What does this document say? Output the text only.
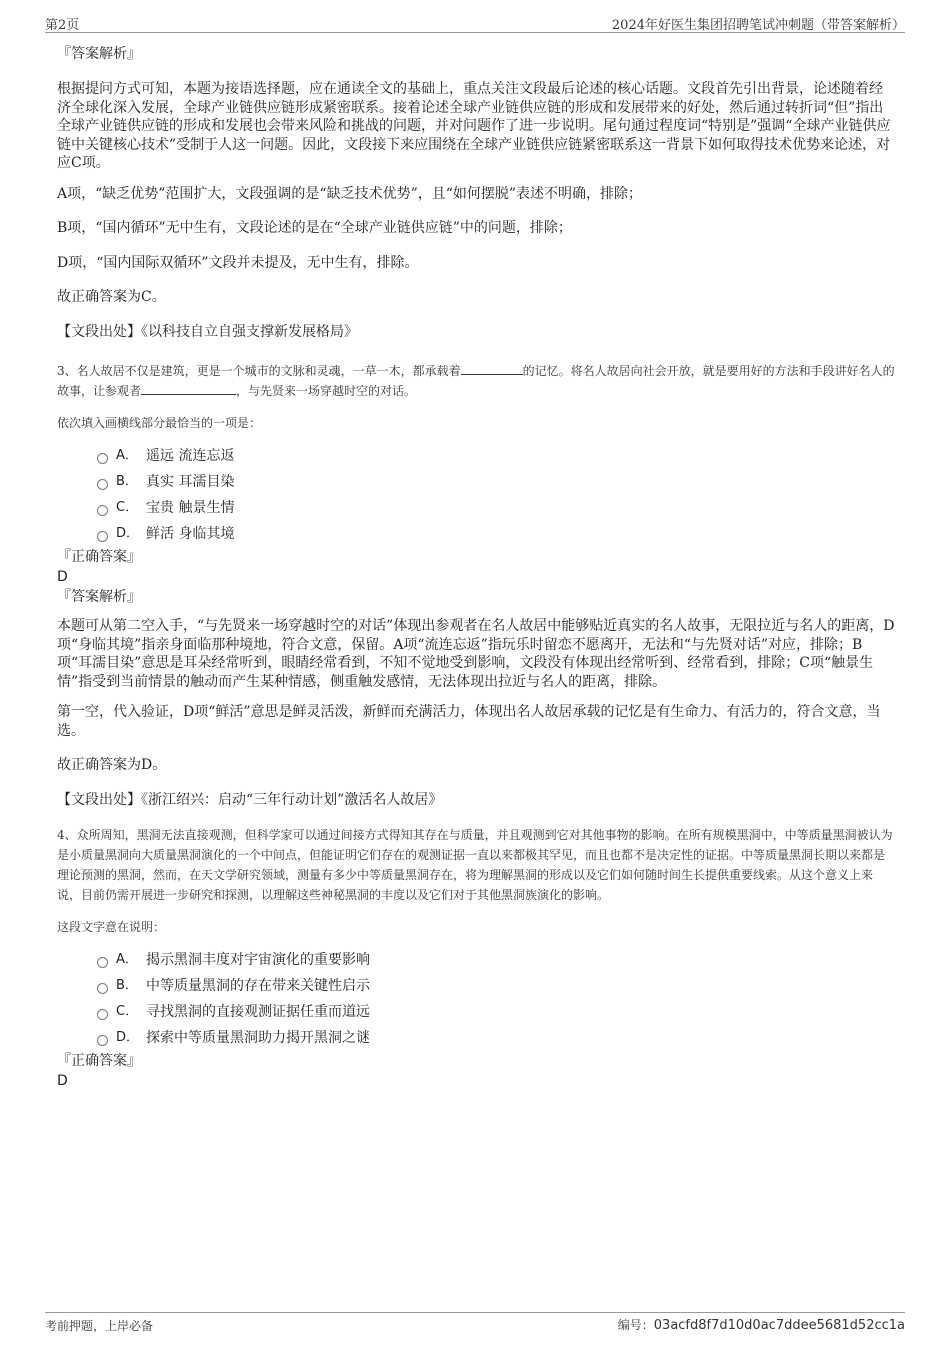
第2页	2024年好医生集团招聘笔试冲刺题（带答案解析）

『答案解析』

根据提问方式可知，本题为接语选择题，应在通读全文的基础上，重点关注文段最后论述的核心话题。文段首先引出背景，论述随着经济全球化深入发展，全球产业链供应链形成紧密联系。接着论述全球产业链供应链的形成和发展带来的好处，然后通过转折词“但”指出全球产业链供应链的形成和发展也会带来风险和挑战的问题，并对问题作了进一步说明。尾句通过程度词“特别是”强调“全球产业链供应链中关键核心技术”受制于人这一问题。因此，文段接下来应围绕在全球产业链供应链紧密联系这一背景下如何取得技术优势来论述，对应C项。

A项，“缺乏优势”范围扩大，文段强调的是“缺乏技术优势”，且“如何摆脱”表述不明确，排除；

B项，“国内循环”无中生有，文段论述的是在“全球产业链供应链”中的问题，排除；

D项，“国内国际双循环”文段并未提及，无中生有，排除。

故正确答案为C。

【文段出处】《以科技自立自强支撑新发展格局》

3、名人故居不仅是建筑，更是一个城市的文脉和灵魂，一草一木，都承载着	的记忆。将名人故居向社会开放，就是要用好的方法和手段讲好名人的故事，让参观者	，与先贤来一场穿越时空的对话。

依次填入画横线部分最恰当的一项是：

A． 遥远 流连忘返
B． 真实 耳濡目染
C． 宝贵 触景生情
D． 鲜活 身临其境

『正确答案』

D

『答案解析』

本题可从第二空入手，“与先贤来一场穿越时空的对话”体现出参观者在名人故居中能够贴近真实的名人故事，无限拉近与名人的距离，D项“身临其境”指亲身面临那种境地，符合文意，保留。A项“流连忘返”指玩乐时留恋不愿离开，无法和“与先贤对话”对应，排除；B项“耳濡目染”意思是耳朵经常听到，眼睛经常看到，不知不觉地受到影响，文段没有体现出经常听到、经常看到，排除；C项“触景生情”指受到当前情景的触动而产生某种情感，侧重触发感情，无法体现出拉近与名人的距离，排除。

第一空，代入验证，D项“鲜活”意思是鲜灵活泼，新鲜而充满活力，体现出名人故居承载的记忆是有生命力、有活力的，符合文意，当选。

故正确答案为D。

【文段出处】《浙江绍兴：启动“三年行动计划”激活名人故居》

4、众所周知，黑洞无法直接观测，但科学家可以通过间接方式得知其存在与质量，并且观测到它对其他事物的影响。在所有规模黑洞中，中等质量黑洞被认为是小质量黑洞向大质量黑洞演化的一个中间点，但能证明它们存在的观测证据一直以来都极其罕见，而且也都不是决定性的证据。中等质量黑洞长期以来都是理论预测的黑洞，然而，在天文学研究领域，测量有多少中等质量黑洞存在，将为理解黑洞的形成以及它们如何随时间生长提供重要线索。从这个意义上来说，目前仍需开展进一步研究和探测，以理解这些神秘黑洞的丰度以及它们对于其他黑洞族演化的影响。

这段文字意在说明：

A． 揭示黑洞丰度对宇宙演化的重要影响
B． 中等质量黑洞的存在带来关键性启示
C． 寻找黑洞的直接观测证据任重而道远
D． 探索中等质量黑洞助力揭开黑洞之谜

『正确答案』

D

考前押题，上岸必备	编号：03acfd8f7d10d0ac7ddee5681d52cc1a
